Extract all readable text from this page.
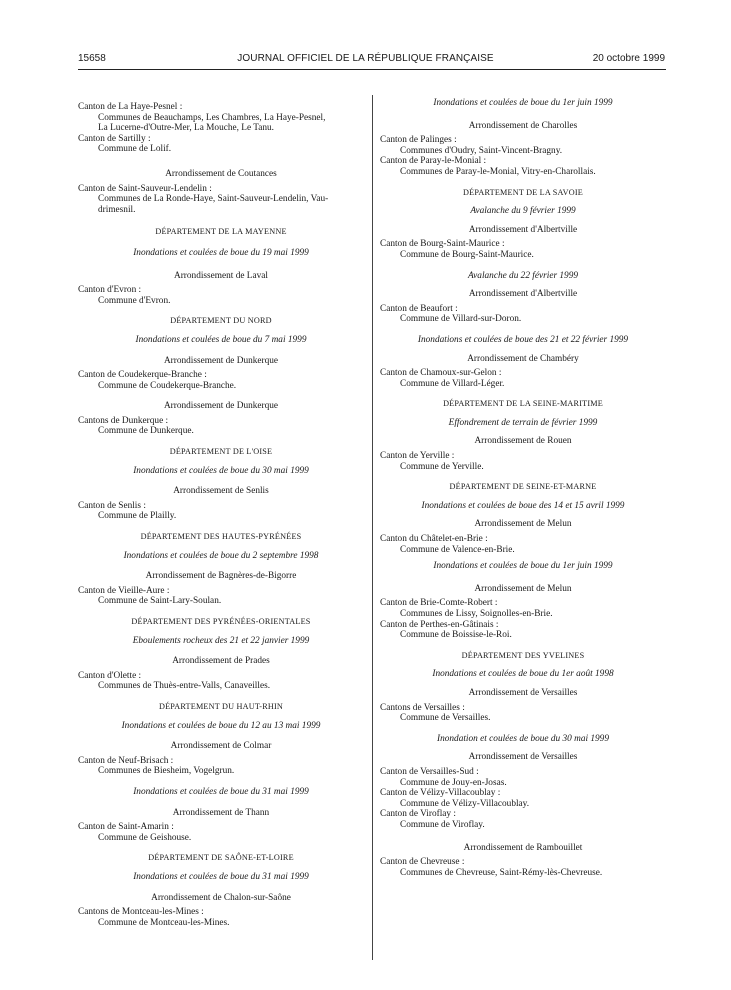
15658	JOURNAL OFFICIEL DE LA RÉPUBLIQUE FRANÇAISE	20 octobre 1999
Canton de La Haye-Pesnel :
Communes de Beauchamps, Les Chambres, La Haye-Pesnel,
La Lucerne-d'Outre-Mer, La Mouche, Le Tanu.
Canton de Sartilly :
Commune de Lolif.
Arrondissement de Coutances
Canton de Saint-Sauveur-Lendelin :
Communes de La Ronde-Haye, Saint-Sauveur-Lendelin, Vau-
drimesnil.
DÉPARTEMENT DE LA MAYENNE
Inondations et coulées de boue du 19 mai 1999
Arrondissement de Laval
Canton d'Evron :
Commune d'Evron.
DÉPARTEMENT DU NORD
Inondations et coulées de boue du 7 mai 1999
Arrondissement de Dunkerque
Canton de Coudekerque-Branche :
Commune de Coudekerque-Branche.
Arrondissement de Dunkerque
Cantons de Dunkerque :
Commune de Dunkerque.
DÉPARTEMENT DE L'OISE
Inondations et coulées de boue du 30 mai 1999
Arrondissement de Senlis
Canton de Senlis :
Commune de Plailly.
DÉPARTEMENT DES HAUTES-PYRÉNÉES
Inondations et coulées de boue du 2 septembre 1998
Arrondissement de Bagnères-de-Bigorre
Canton de Vieille-Aure :
Commune de Saint-Lary-Soulan.
DÉPARTEMENT DES PYRÉNÉES-ORIENTALES
Eboulements rocheux des 21 et 22 janvier 1999
Arrondissement de Prades
Canton d'Olette :
Communes de Thuès-entre-Valls, Canaveilles.
DÉPARTEMENT DU HAUT-RHIN
Inondations et coulées de boue du 12 au 13 mai 1999
Arrondissement de Colmar
Canton de Neuf-Brisach :
Communes de Biesheim, Vogelgrun.
Inondations et coulées de boue du 31 mai 1999
Arrondissement de Thann
Canton de Saint-Amarin :
Commune de Geishouse.
DÉPARTEMENT DE SAÔNE-ET-LOIRE
Inondations et coulées de boue du 31 mai 1999
Arrondissement de Chalon-sur-Saône
Cantons de Montceau-les-Mines :
Commune de Montceau-les-Mines.
Inondations et coulées de boue du 1er juin 1999
Arrondissement de Charolles
Canton de Palinges :
Communes d'Oudry, Saint-Vincent-Bragny.
Canton de Paray-le-Monial :
Communes de Paray-le-Monial, Vitry-en-Charollais.
DÉPARTEMENT DE LA SAVOIE
Avalanche du 9 février 1999
Arrondissement d'Albertville
Canton de Bourg-Saint-Maurice :
Commune de Bourg-Saint-Maurice.
Avalanche du 22 février 1999
Arrondissement d'Albertville
Canton de Beaufort :
Commune de Villard-sur-Doron.
Inondations et coulées de boue des 21 et 22 février 1999
Arrondissement de Chambéry
Canton de Chamoux-sur-Gelon :
Commune de Villard-Léger.
DÉPARTEMENT DE LA SEINE-MARITIME
Effondrement de terrain de février 1999
Arrondissement de Rouen
Canton de Yerville :
Commune de Yerville.
DÉPARTEMENT DE SEINE-ET-MARNE
Inondations et coulées de boue des 14 et 15 avril 1999
Arrondissement de Melun
Canton du Châtelet-en-Brie :
Commune de Valence-en-Brie.
Inondations et coulées de boue du 1er juin 1999
Arrondissement de Melun
Canton de Brie-Comte-Robert :
Communes de Lissy, Soignolles-en-Brie.
Canton de Perthes-en-Gâtinais :
Commune de Boissise-le-Roi.
DÉPARTEMENT DES YVELINES
Inondations et coulées de boue du 1er août 1998
Arrondissement de Versailles
Cantons de Versailles :
Commune de Versailles.
Inondation et coulées de boue du 30 mai 1999
Arrondissement de Versailles
Canton de Versailles-Sud :
Commune de Jouy-en-Josas.
Canton de Vélizy-Villacoublay :
Commune de Vélizy-Villacoublay.
Canton de Viroflay :
Commune de Viroflay.
Arrondissement de Rambouillet
Canton de Chevreuse :
Communes de Chevreuse, Saint-Rémy-lès-Chevreuse.
